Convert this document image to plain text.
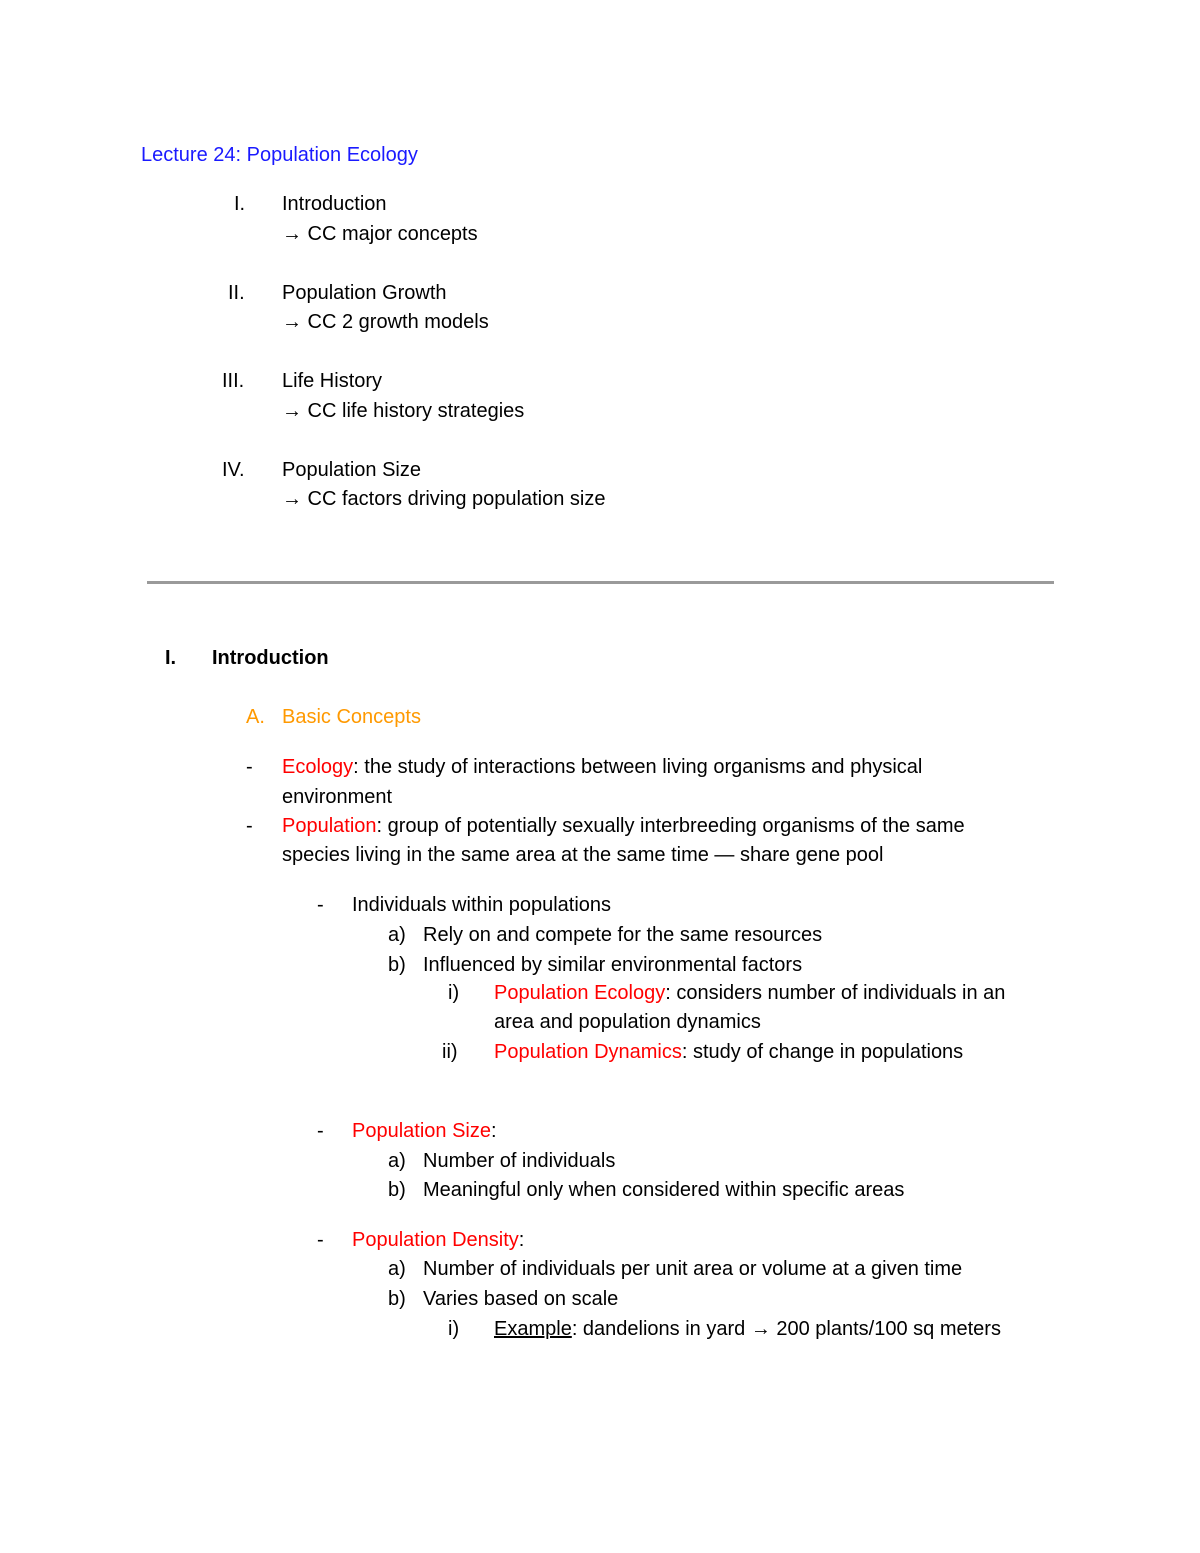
Lecture 24: Population Ecology
I. Introduction
→ CC major concepts
II. Population Growth
→ CC 2 growth models
III. Life History
→ CC life history strategies
IV. Population Size
→ CC factors driving population size
I. Introduction
A. Basic Concepts
- Ecology: the study of interactions between living organisms and physical
environment
- Population: group of potentially sexually interbreeding organisms of the same
species living in the same area at the same time — share gene pool
- Individuals within populations
a) Rely on and compete for the same resources
b) Influenced by similar environmental factors
i) Population Ecology: considers number of individuals in an
area and population dynamics
ii) Population Dynamics: study of change in populations
- Population Size:
a) Number of individuals
b) Meaningful only when considered within specific areas
- Population Density:
a) Number of individuals per unit area or volume at a given time
b) Varies based on scale
i) Example: dandelions in yard → 200 plants/100 sq meters
